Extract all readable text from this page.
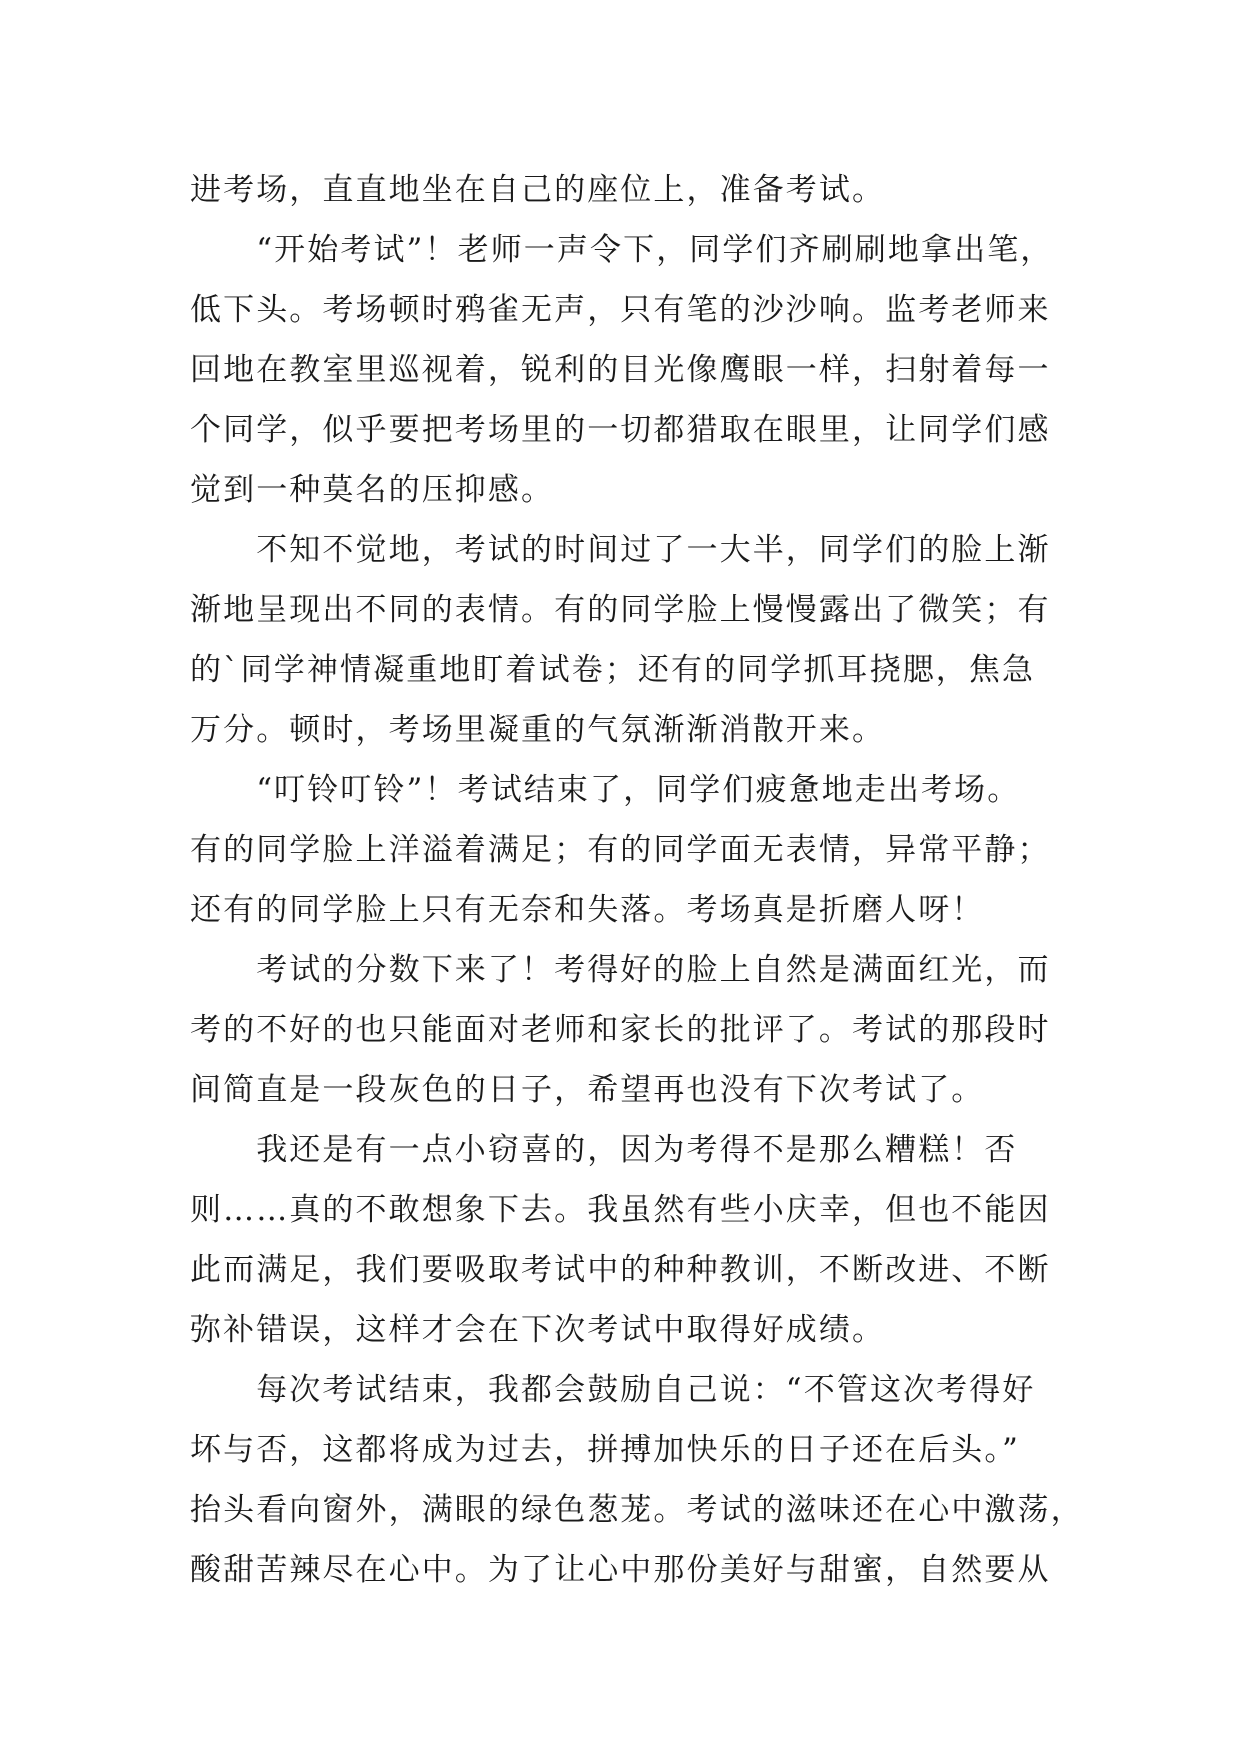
进考场，直直地坐在自己的座位上，准备考试。
　　“开始考试”！老师一声令下，同学们齐刷刷地拿出笔，
低下头。考场顿时鸦雀无声，只有笔的沙沙响。监考老师来
回地在教室里巡视着，锐利的目光像鹰眼一样，扫射着每一
个同学，似乎要把考场里的一切都猎取在眼里，让同学们感
觉到一种莫名的压抑感。
　　不知不觉地，考试的时间过了一大半，同学们的脸上渐
渐地呈现出不同的表情。有的同学脸上慢慢露出了微笑；有
的`同学神情凝重地盯着试卷；还有的同学抓耳挠腮，焦急
万分。顿时，考场里凝重的气氛渐渐消散开来。
　　“叮铃叮铃”！考试结束了，同学们疲惫地走出考场。
有的同学脸上洋溢着满足；有的同学面无表情，异常平静；
还有的同学脸上只有无奈和失落。考场真是折磨人呀！
　　考试的分数下来了！考得好的脸上自然是满面红光，而
考的不好的也只能面对老师和家长的批评了。考试的那段时
间简直是一段灰色的日子，希望再也没有下次考试了。
　　我还是有一点小窃喜的，因为考得不是那么糟糕！否
则……真的不敢想象下去。我虽然有些小庆幸，但也不能因
此而满足，我们要吸取考试中的种种教训，不断改进、不断
弥补错误，这样才会在下次考试中取得好成绩。
　　每次考试结束，我都会鼓励自己说：“不管这次考得好
坏与否，这都将成为过去，拼搏加快乐的日子还在后头。”
抬头看向窗外，满眼的绿色葱茏。考试的滋味还在心中激荡，
酸甜苦辣尽在心中。为了让心中那份美好与甜蜜，自然要从
